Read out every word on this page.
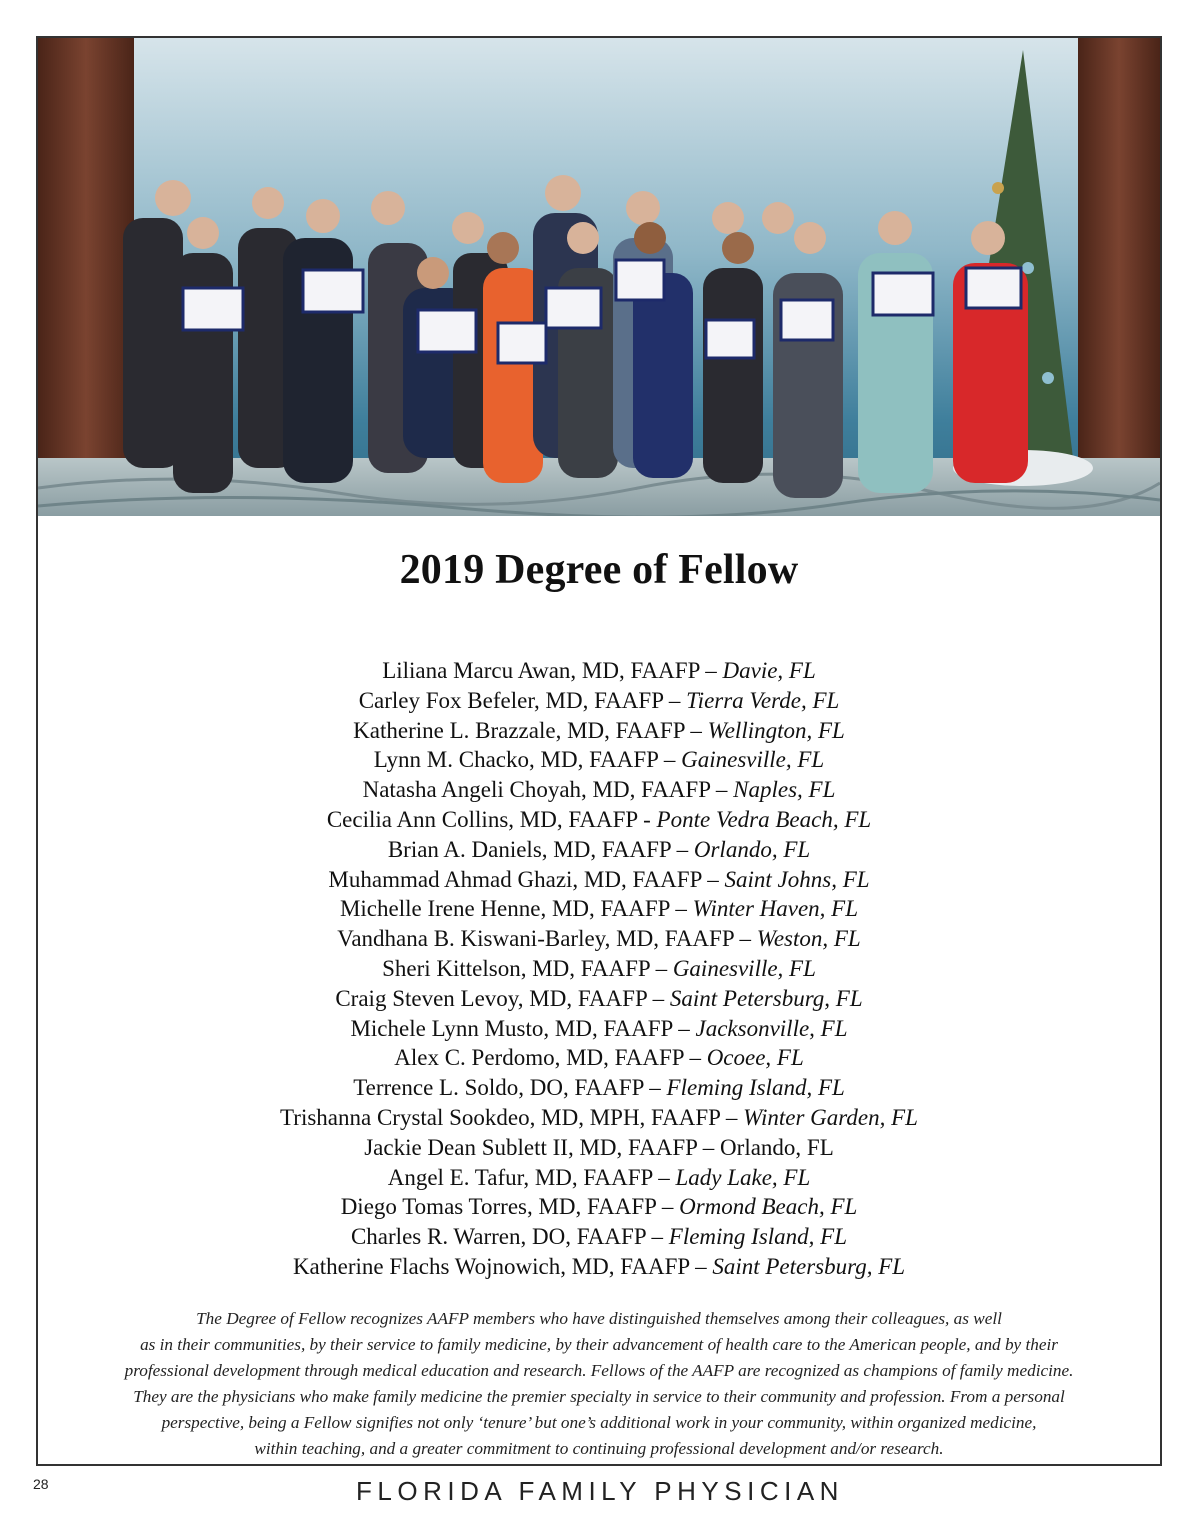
2019 Degree of Fellow
Liliana Marcu Awan, MD, FAAFP – Davie, FL
Carley Fox Befeler, MD, FAAFP – Tierra Verde, FL
Katherine L. Brazzale, MD, FAAFP – Wellington, FL
Lynn M. Chacko, MD, FAAFP – Gainesville, FL
Natasha Angeli Choyah, MD, FAAFP – Naples, FL
Cecilia Ann Collins, MD, FAAFP - Ponte Vedra Beach, FL
Brian A. Daniels, MD, FAAFP – Orlando, FL
Muhammad Ahmad Ghazi, MD, FAAFP – Saint Johns, FL
Michelle Irene Henne, MD, FAAFP – Winter Haven, FL
Vandhana B. Kiswani-Barley, MD, FAAFP – Weston, FL
Sheri Kittelson, MD, FAAFP – Gainesville, FL
Craig Steven Levoy, MD, FAAFP – Saint Petersburg, FL
Michele Lynn Musto, MD, FAAFP – Jacksonville, FL
Alex C. Perdomo, MD, FAAFP – Ocoee, FL
Terrence L. Soldo, DO, FAAFP – Fleming Island, FL
Trishanna Crystal Sookdeo, MD, MPH, FAAFP – Winter Garden, FL
Jackie Dean Sublett II, MD, FAAFP – Orlando, FL
Angel E. Tafur, MD, FAAFP – Lady Lake, FL
Diego Tomas Torres, MD, FAAFP – Ormond Beach, FL
Charles R. Warren, DO, FAAFP – Fleming Island, FL
Katherine Flachs Wojnowich, MD, FAAFP – Saint Petersburg, FL
The Degree of Fellow recognizes AAFP members who have distinguished themselves among their colleagues, as well
as in their communities, by their service to family medicine, by their advancement of health care to the American people, and by their
professional development through medical education and research. Fellows of the AAFP are recognized as champions of family medicine.
They are the physicians who make family medicine the premier specialty in service to their community and profession. From a personal
perspective, being a Fellow signifies not only ‘tenure’ but one’s additional work in your community, within organized medicine,
within teaching, and a greater commitment to continuing professional development and/or research.
28	FLORIDA FAMILY PHYSICIAN
